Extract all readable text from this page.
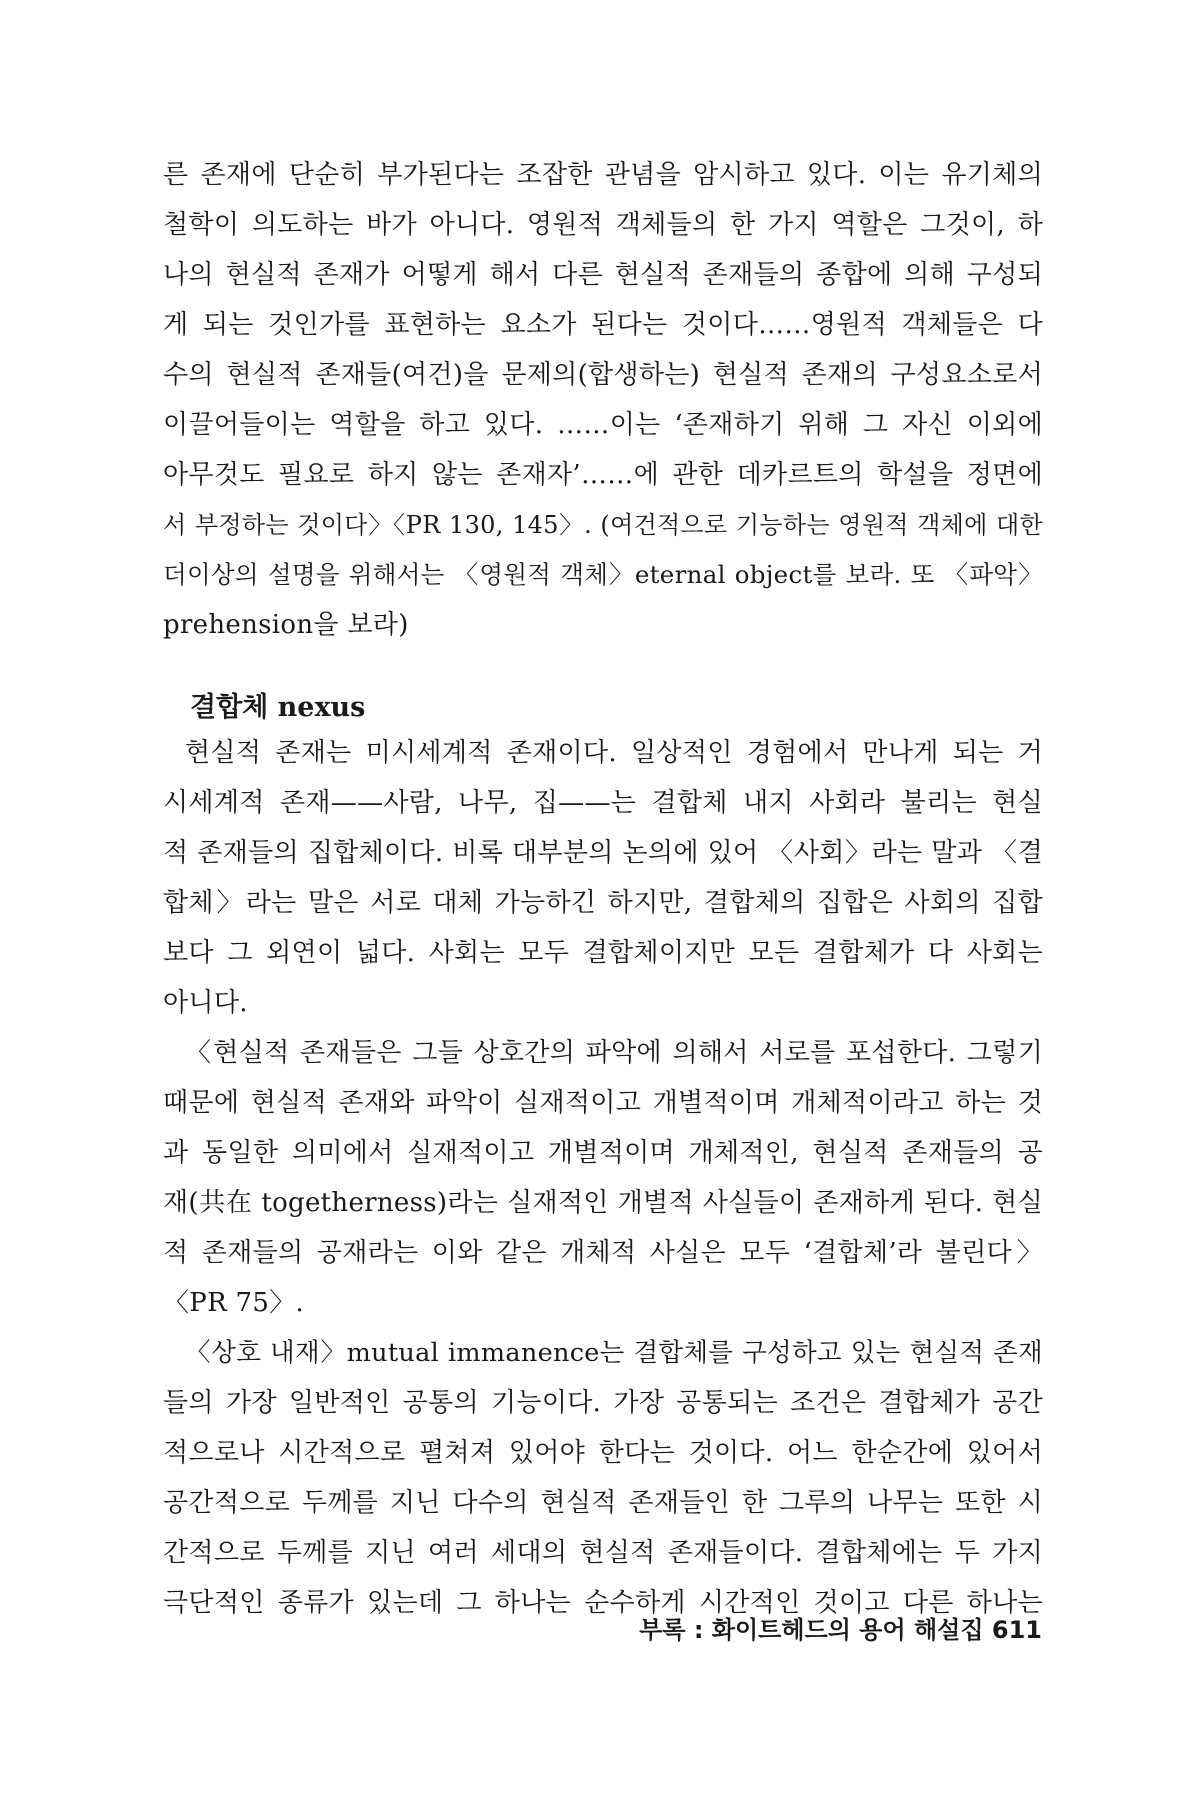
른 존재에 단순히 부가된다는 조잡한 관념을 암시하고 있다. 이는 유기체의
철학이 의도하는 바가 아니다. 영원적 객체들의 한 가지 역할은 그것이, 하
나의 현실적 존재가 어떻게 해서 다른 현실적 존재들의 종합에 의해 구성되
게 되는 것인가를 표현하는 요소가 된다는 것이다……영원적 객체들은 다
수의 현실적 존재들(여건)을 문제의(합생하는) 현실적 존재의 구성요소로서
이끌어들이는 역할을 하고 있다. ……이는 ‘존재하기 위해 그 자신 이외에
아무것도 필요로 하지 않는 존재자’……에 관한 데카르트의 학설을 정면에
서 부정하는 것이다〉〈PR 130, 145〉. (여건적으로 기능하는 영원적 객체에 대한
더이상의 설명을 위해서는 〈영원적 객체〉eternal object를 보라. 또 〈파악〉
prehension을 보라)
결합체 nexus
현실적 존재는 미시세계적 존재이다. 일상적인 경험에서 만나게 되는 거
시세계적 존재——사람, 나무, 집——는 결합체 내지 사회라 불리는 현실
적 존재들의 집합체이다. 비록 대부분의 논의에 있어 〈사회〉라는 말과 〈결
합체〉라는 말은 서로 대체 가능하긴 하지만, 결합체의 집합은 사회의 집합
보다 그 외연이 넓다. 사회는 모두 결합체이지만 모든 결합체가 다 사회는
아니다.
〈현실적 존재들은 그들 상호간의 파악에 의해서 서로를 포섭한다. 그렇기
때문에 현실적 존재와 파악이 실재적이고 개별적이며 개체적이라고 하는 것
과 동일한 의미에서 실재적이고 개별적이며 개체적인, 현실적 존재들의 공
재(共在 togetherness)라는 실재적인 개별적 사실들이 존재하게 된다. 현실
적 존재들의 공재라는 이와 같은 개체적 사실은 모두 ‘결합체’라 불린다〉
〈PR 75〉.
〈상호 내재〉mutual immanence는 결합체를 구성하고 있는 현실적 존재
들의 가장 일반적인 공통의 기능이다. 가장 공통되는 조건은 결합체가 공간
적으로나 시간적으로 펼쳐져 있어야 한다는 것이다. 어느 한순간에 있어서
공간적으로 두께를 지닌 다수의 현실적 존재들인 한 그루의 나무는 또한 시
간적으로 두께를 지닌 여러 세대의 현실적 존재들이다. 결합체에는 두 가지
극단적인 종류가 있는데 그 하나는 순수하게 시간적인 것이고 다른 하나는
부록 : 화이트헤드의 용어 해설집 611
